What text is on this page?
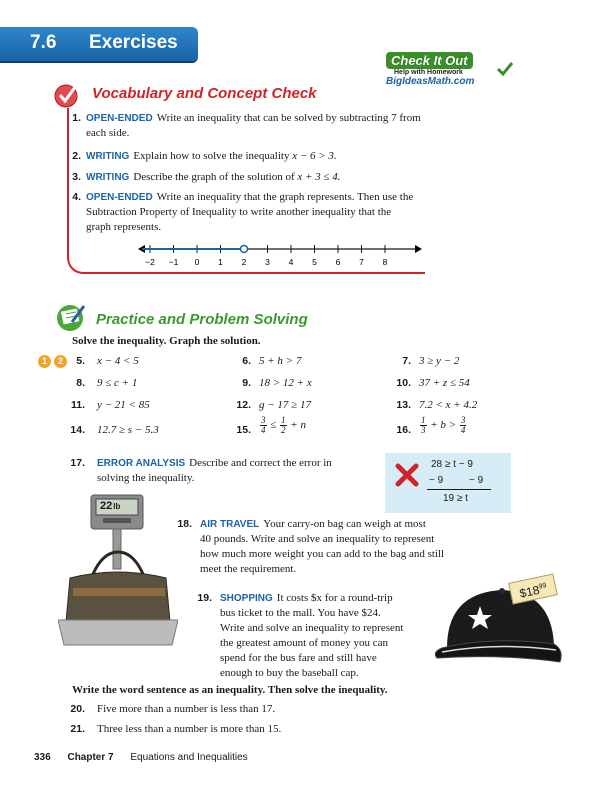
7.6 Exercises
Check It Out
Help with Homework
BigIdeasMath.com
Vocabulary and Concept Check
1. OPEN-ENDED Write an inequality that can be solved by subtracting 7 from
each side.
2. WRITING Explain how to solve the inequality x − 6 > 3.
3. WRITING Describe the graph of the solution of x + 3 ≤ 4.
4. OPEN-ENDED Write an inequality that the graph represents. Then use the
Subtraction Property of Inequality to write another inequality that the
graph represents.
−2 −1 0 1 2 3 4 5 6 7 8
Practice and Problem Solving
Solve the inequality. Graph the solution.
1	2	5. x − 4 < 5	6. 5 + h > 7	7. 3 ≥ y − 2
8. 9 ≤ c + 1	9. 18 > 12 + x	10. 37 + z ≤ 54
11. y − 21 < 85	12. g − 17 ≥ 17	13. 7.2 < x + 4.2
14. 12.7 ≥ s − 5.3	15. $\frac{3}{4} \le \frac{1}{2} + n$	16. $\frac{1}{3} + b > \frac{3}{4}$
17. ERROR ANALYSIS Describe and correct the error in
solving the inequality.
28 ≥ t − 9
− 9	− 9
19 ≥ t
22lb
18. AIR TRAVEL Your carry-on bag can weigh at most
40 pounds. Write and solve an inequality to represent
how much more weight you can add to the bag and still
meet the requirement.
19. SHOPPING It costs $x for a round-trip
bus ticket to the mall. You have $24.
Write and solve an inequality to represent
the greatest amount of money you can
spend for the bus fare and still have
enough to buy the baseball cap.
$\$18^{99}$
Write the word sentence as an inequality. Then solve the inequality.
20. Five more than a number is less than 17.
21. Three less than a number is more than 15.
336 Chapter 7 Equations and Inequalities
